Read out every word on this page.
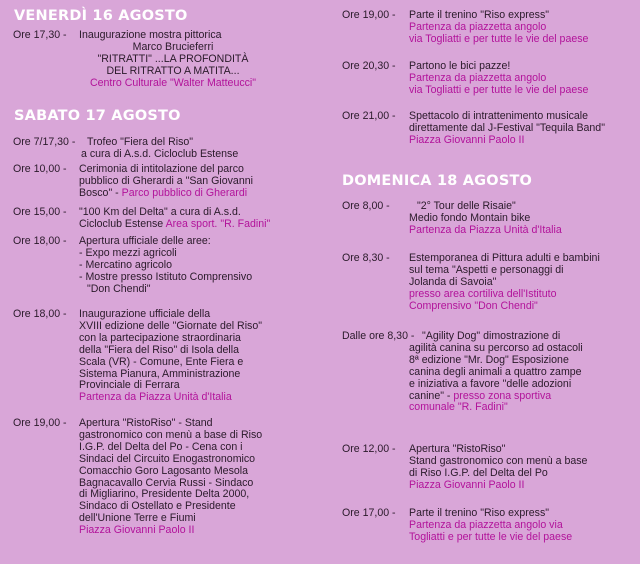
VENERDÌ 16 AGOSTO
Ore 17,30 - Inaugurazione mostra pittorica
Marco Brucieferri
"RITRATTI" ...LA PROFONDITÀ
DEL RITRATTO A MATITA...
Centro Culturale "Walter Matteucci"
SABATO 17 AGOSTO
Ore 7/17,30 - Trofeo "Fiera del Riso"
a cura di A.s.d. Cicloclub Estense
Ore 10,00 - Cerimonia di intitolazione del parco
pubblico di Gherardi a "San Giovanni
Bosco" - Parco pubblico di Gherardi
Ore 15,00 - "100 Km del Delta" a cura di A.s.d.
Cicloclub Estense Area sport. "R. Fadini"
Ore 18,00 - Apertura ufficiale delle aree:
- Expo mezzi agricoli
- Mercatino agricolo
- Mostre presso Istituto Comprensivo
"Don Chendi"
Ore 18,00 - Inaugurazione ufficiale della
XVIII edizione delle "Giornate del Riso"
con la partecipazione straordinaria
della "Fiera del Riso" di Isola della
Scala (VR) - Comune, Ente Fiera e
Sistema Pianura, Amministrazione
Provinciale di Ferrara
Partenza da Piazza Unità d'Italia
Ore 19,00 - Apertura "RistoRiso" - Stand
gastronomico con menù a base di Riso
I.G.P. del Delta del Po - Cena con i
Sindaci del Circuito Enogastronomico
Comacchio Goro Lagosanto Mesola
Bagnacavallo Cervia Russi - Sindaco
di Migliarino, Presidente Delta 2000,
Sindaco di Ostellato e Presidente
dell'Unione Terre e Fiumi
Piazza Giovanni Paolo II
Ore 19,00 - Parte il trenino "Riso express"
Partenza da piazzetta angolo
via Togliatti e per tutte le vie del paese
Ore 20,30 - Partono le bici pazze!
Partenza da piazzetta angolo
via Togliatti e per tutte le vie del paese
Ore 21,00 - Spettacolo di intrattenimento musicale
direttamente dal J-Festival "Tequila Band"
Piazza Giovanni Paolo II
DOMENICA 18 AGOSTO
Ore 8,00 -	"2° Tour delle Risaie"
Medio fondo Montain bike
Partenza da Piazza Unità d'Italia
Ore 8,30 - Estemporanea di Pittura adulti e bambini
sul tema "Aspetti e personaggi di
Jolanda di Savoia"
presso area cortiliva dell'Istituto
Comprensivo "Don Chendi"
Dalle ore 8,30 - "Agility Dog" dimostrazione di
agilità canina su percorso ad ostacoli
8ª edizione "Mr. Dog" Esposizione
canina degli animali a quattro zampe
e iniziativa a favore "delle adozioni
canine" - presso zona sportiva
comunale "R. Fadini"
Ore 12,00 - Apertura "RistoRiso"
Stand gastronomico con menù a base
di Riso I.G.P. del Delta del Po
Piazza Giovanni Paolo II
Ore 17,00 - Parte il trenino "Riso express"
Partenza da piazzetta angolo via
Togliatti e per tutte le vie del paese
